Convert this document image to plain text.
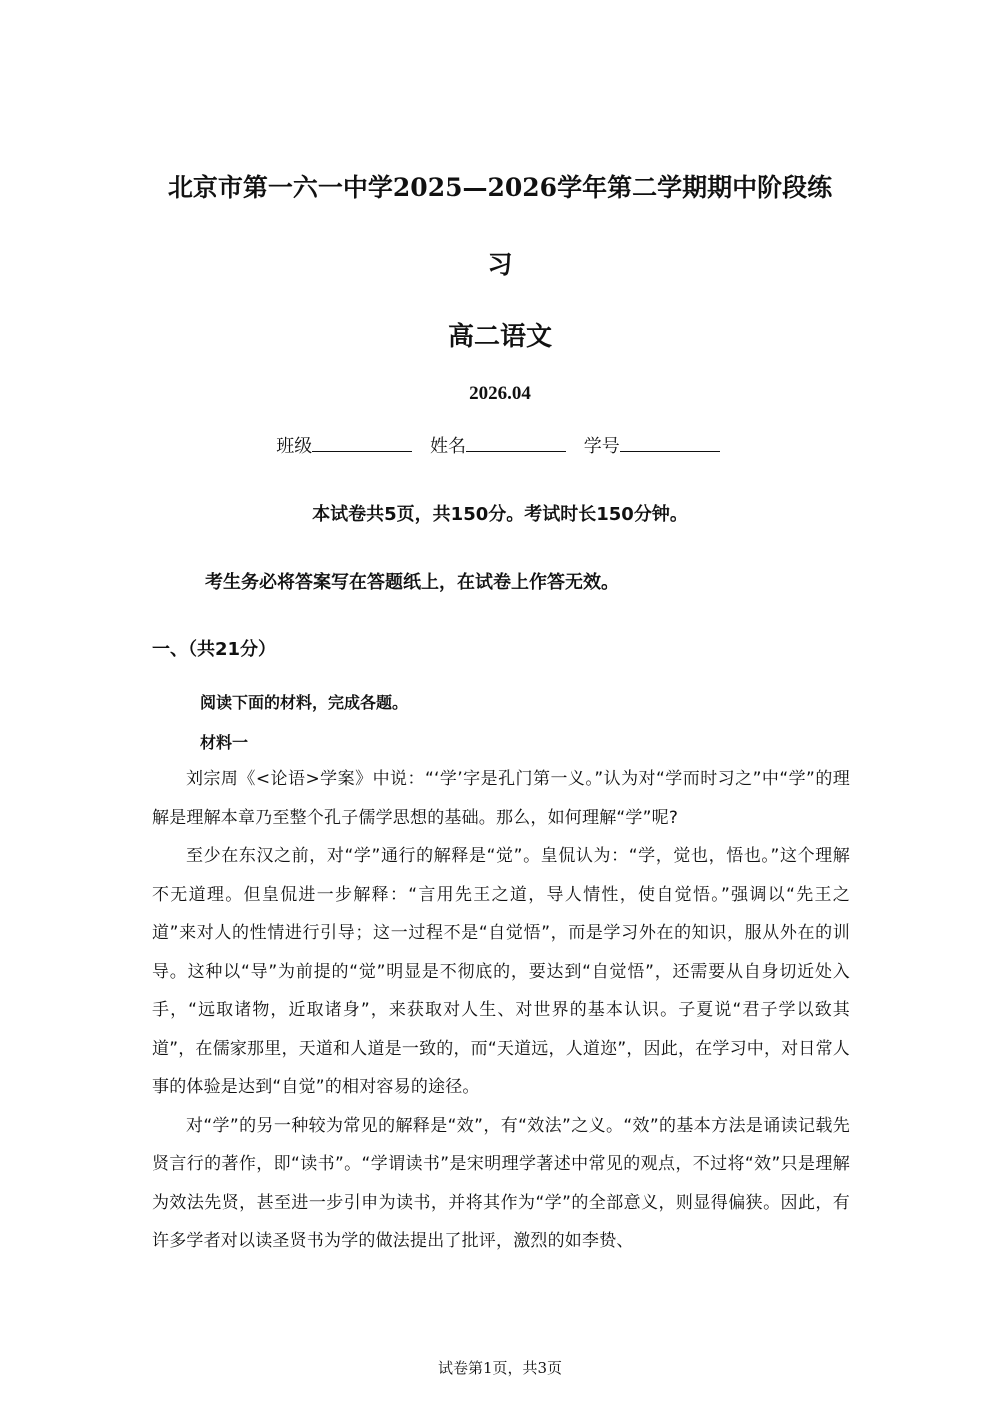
北京市第一六一中学2025—2026学年第二学期期中阶段练
习
高二语文
2026.04
班级	姓名	学号
本试卷共5页，共150分。考试时长150分钟。
考生务必将答案写在答题纸上，在试卷上作答无效。
一、（共21分）
阅读下面的材料，完成各题。
材料一

刘宗周《<论语>学案》中说：“‘学’字是孔门第一义。”认为对“学而时习之”中“学”的理解是理解本章乃至整个孔子儒学思想的基础。那么，如何理解“学”呢?

至少在东汉之前，对“学”通行的解释是“觉”。皇侃认为：“学，觉也，悟也。”这个理解不无道理。但皇侃进一步解释：“言用先王之道，导人情性，使自觉悟。”强调以“先王之道”来对人的性情进行引导；这一过程不是“自觉悟”，而是学习外在的知识，服从外在的训导。这种以“导”为前提的“觉”明显是不彻底的，要达到“自觉悟”，还需要从自身切近处入手，“远取诸物，近取诸身”，来获取对人生、对世界的基本认识。子夏说“君子学以致其道”，在儒家那里，天道和人道是一致的，而“天道远，人道迩”，因此，在学习中，对日常人事的体验是达到“自觉”的相对容易的途径。

对“学”的另一种较为常见的解释是“效”，有“效法”之义。“效”的基本方法是诵读记载先贤言行的著作，即“读书”。“学谓读书”是宋明理学著述中常见的观点，不过将“效”只是理解为效法先贤，甚至进一步引申为读书，并将其作为“学”的全部意义，则显得偏狭。因此，有许多学者对以读圣贤书为学的做法提出了批评，激烈的如李贽、

试卷第1页，共3页
